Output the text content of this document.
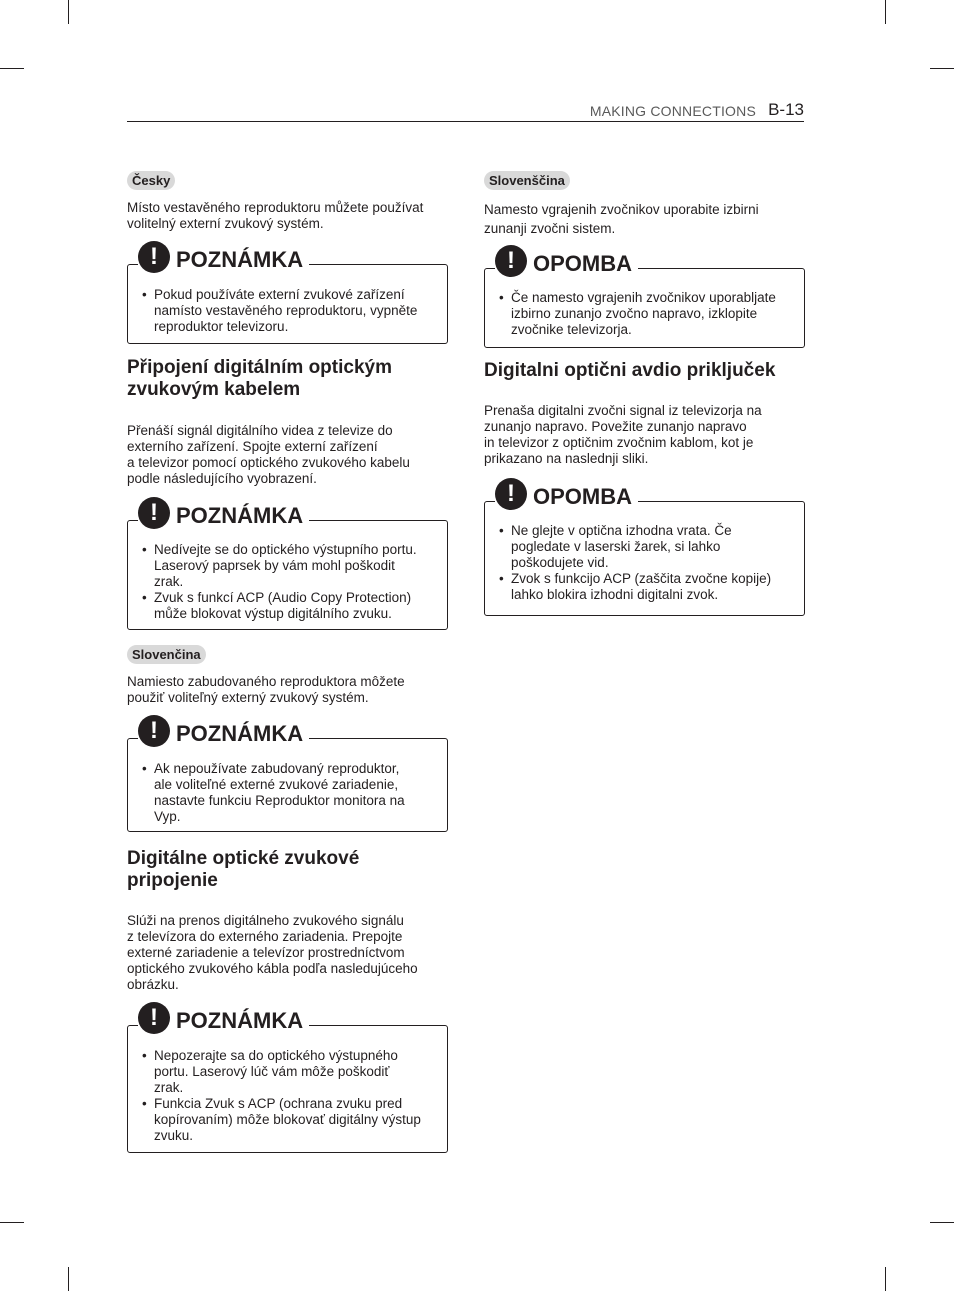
MAKING CONNECTIONS B-13
Česky

Místo vestavěného reproduktoru můžete používat
volitelný externí zvukový systém.

! POZNÁMKA
• Pokud používáte externí zvukové zařízení
namísto vestavěného reproduktoru, vypněte
reproduktor televizoru.
Připojení digitálním optickým
zvukovým kabelem

Přenáší signál digitálního videa z televize do
externího zařízení. Spojte externí zařízení
a televizor pomocí optického zvukového kabelu
podle následujícího vyobrazení.

! POZNÁMKA
• Nedívejte se do optického výstupního portu.
Laserový paprsek by vám mohl poškodit
zrak.
• Zvuk s funkcí ACP (Audio Copy Protection)
může blokovat výstup digitálního zvuku.
Slovenčina

Namiesto zabudovaného reproduktora môžete
použiť voliteľný externý zvukový systém.

! POZNÁMKA
• Ak nepoužívate zabudovaný reproduktor,
ale voliteľné externé zvukové zariadenie,
nastavte funkciu Reproduktor monitora na
Vyp.
Digitálne optické zvukové
pripojenie

Slúži na prenos digitálneho zvukového signálu
z televízora do externého zariadenia. Prepojte
externé zariadenie a televízor prostredníctvom
optického zvukového kábla podľa nasledujúceho
obrázku.

! POZNÁMKA
• Nepozerajte sa do optického výstupného
portu. Laserový lúč vám môže poškodiť
zrak.
• Funkcia Zvuk s ACP (ochrana zvuku pred
kopírovaním) môže blokovať digitálny výstup
zvuku.
Slovenščina

Namesto vgrajenih zvočnikov uporabite izbirni
zunanji zvočni sistem.

! OPOMBA
• Če namesto vgrajenih zvočnikov uporabljate
izbirno zunanjo zvočno napravo, izklopite
zvočnike televizorja.
Digitalni optični avdio priključek

Prenaša digitalni zvočni signal iz televizorja na
zunanjo napravo. Povežite zunanjo napravo
in televizor z optičnim zvočnim kablom, kot je
prikazano na naslednji sliki.

! OPOMBA
• Ne glejte v optična izhodna vrata. Če
pogledate v laserski žarek, si lahko
poškodujete vid.
• Zvok s funkcijo ACP (zaščita zvočne kopije)
lahko blokira izhodni digitalni zvok.
